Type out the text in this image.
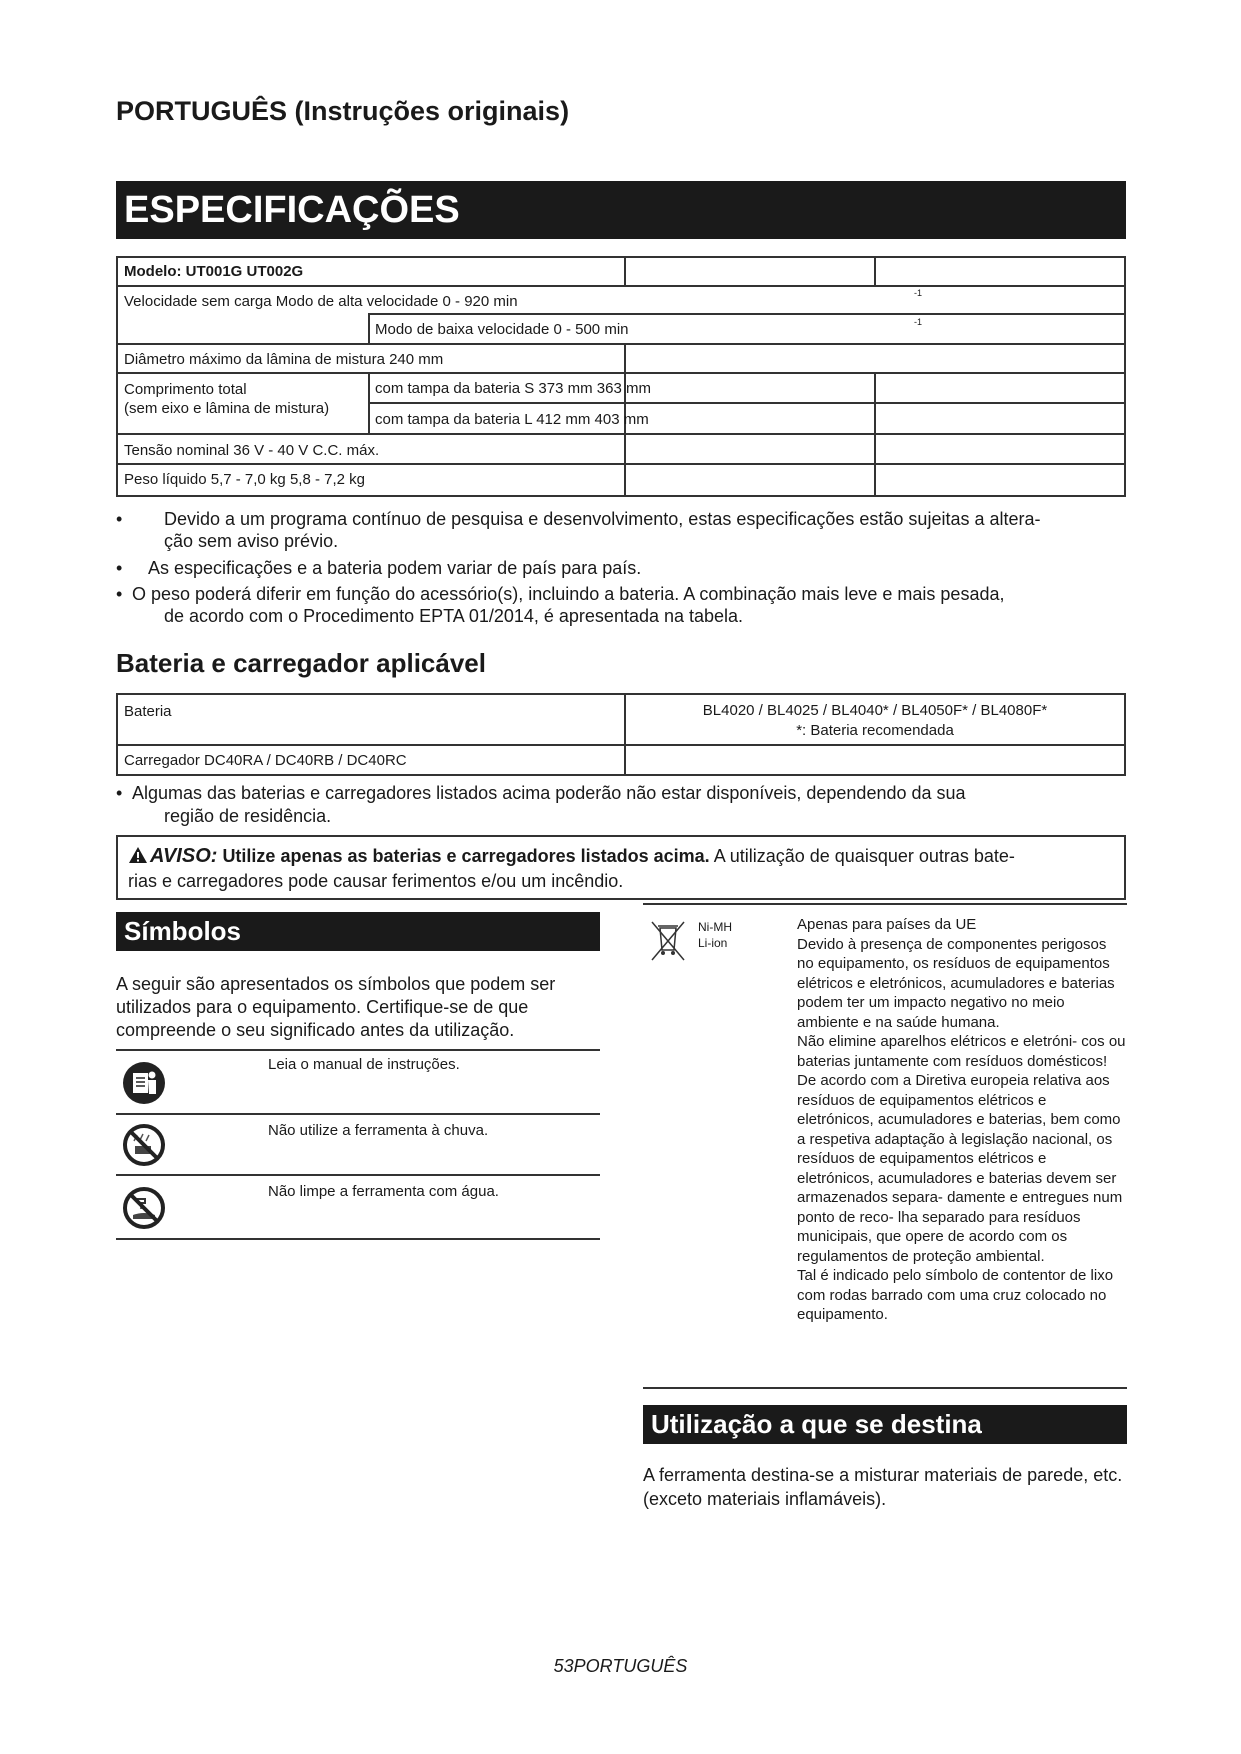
PORTUGUÊS (Instruções originais)
ESPECIFICAÇÕES
Modelo: UT001G UT002G
Velocidade sem carga Modo de alta velocidade 0 - 920 min	-1
Modo de baixa velocidade 0 - 500 min	-1
Diâmetro máximo da lâmina de mistura 240 mm
Comprimento total
(sem eixo e lâmina de mistura)
com tampa da bateria S 373 mm 363 mm
com tampa da bateria L 412 mm 403 mm
Tensão nominal 36 V - 40 V C.C. máx.
Peso líquido 5,7 - 7,0 kg 5,8 - 7,2 kg
• Devido a um programa contínuo de pesquisa e desenvolvimento, estas especificações estão sujeitas a altera-
ção sem aviso prévio.
• As especificações e a bateria podem variar de país para país.
• O peso poderá diferir em função do acessório(s), incluindo a bateria. A combinação mais leve e mais pesada,
de acordo com o Procedimento EPTA 01/2014, é apresentada na tabela.
Bateria e carregador aplicável
Bateria	BL4020 / BL4025 / BL4040* / BL4050F* / BL4080F*
*: Bateria recomendada
Carregador DC40RA / DC40RB / DC40RC
• Algumas das baterias e carregadores listados acima poderão não estar disponíveis, dependendo da sua
região de residência.
AVISO: Utilize apenas as baterias e carregadores listados acima. A utilização de quaisquer outras bate-
rias e carregadores pode causar ferimentos e/ou um incêndio.
Símbolos
A seguir são apresentados os símbolos que podem ser utilizados para o equipamento. Certifique-se de que compreende o seu significado antes da utilização.
Leia o manual de instruções.
Não utilize a ferramenta à chuva.
Não limpe a ferramenta com água.
Ni-MH
Li-ion
Apenas para países da UE
Devido à presença de componentes perigosos no equipamento, os resíduos de equipamentos elétricos e eletrónicos, acumuladores e baterias podem ter um impacto negativo no meio ambiente e na saúde humana.
Não elimine aparelhos elétricos e eletróni- cos ou baterias juntamente com resíduos domésticos!
De acordo com a Diretiva europeia relativa aos resíduos de equipamentos elétricos e eletrónicos, acumuladores e baterias, bem como a respetiva adaptação à legislação nacional, os resíduos de equipamentos elétricos e eletrónicos, acumuladores e baterias devem ser armazenados separa- damente e entregues num ponto de reco- lha separado para resíduos municipais, que opere de acordo com os regulamentos de proteção ambiental.
Tal é indicado pelo símbolo de contentor de lixo com rodas barrado com uma cruz colocado no equipamento.
Utilização a que se destina
A ferramenta destina-se a misturar materiais de parede, etc. (exceto materiais inflamáveis).
53PORTUGUÊS
